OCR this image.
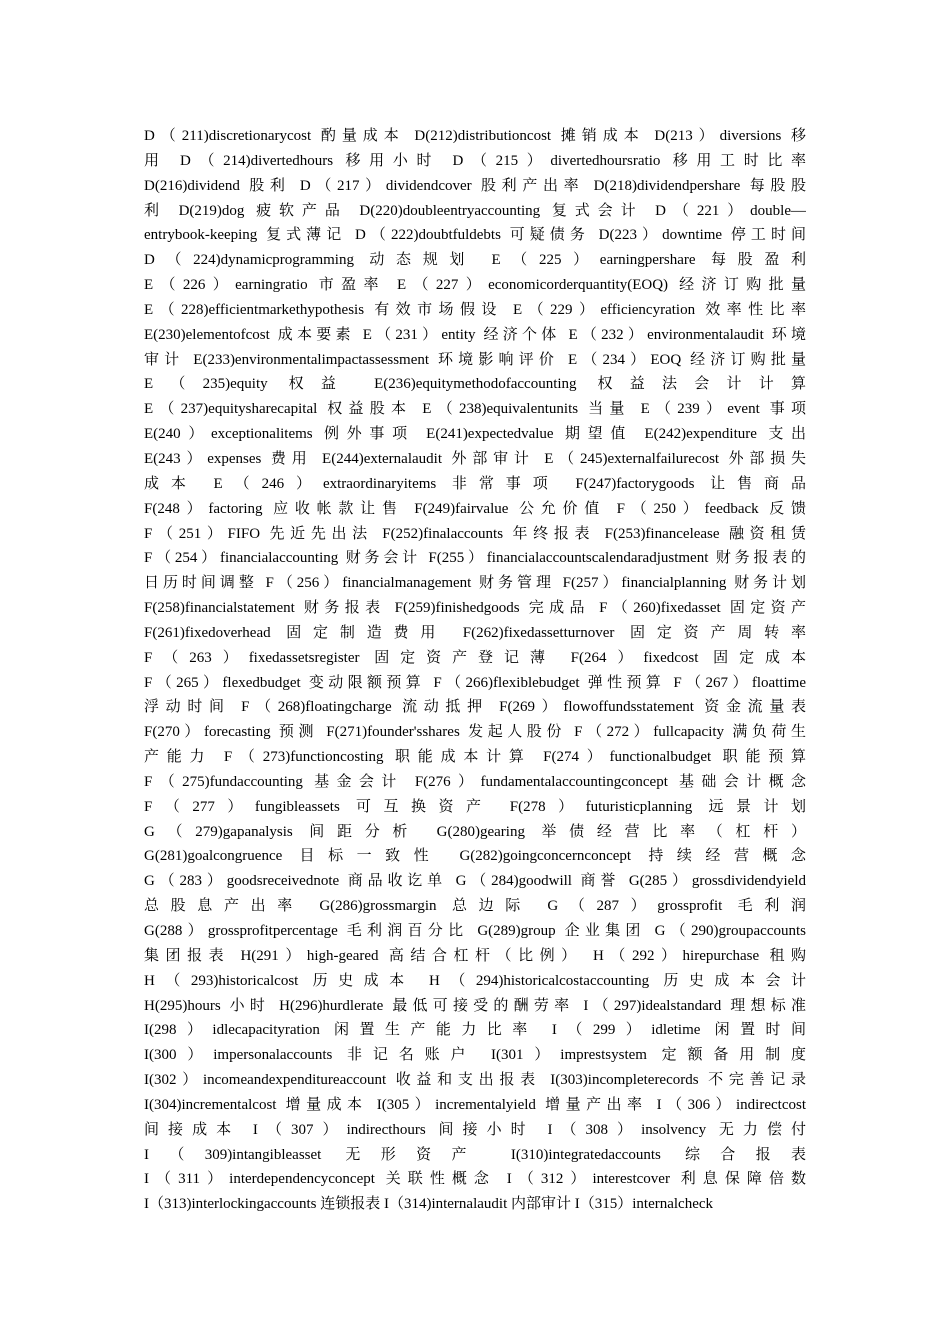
D（211)discretionarycost 酌量成本 D(212)distributioncost 摊销成本 D(213）diversions 移
用 D（214)divertedhours 移用小时 D（215）divertedhoursratio 移用工时比率
D(216)dividend 股利 D（217）dividendcover 股利产出率 D(218)dividendpershare 每股股
利 D(219)dog 疲软产品 D(220)doubleentryaccounting 复式会计 D（221）double—
entrybook-keeping 复式薄记 D（222)doubtfuldebts 可疑债务 D(223）downtime 停工时间
D（224)dynamicprogramming 动态规划 E（225）earningpershare 每股盈利
E（226）earningratio 市盈率 E（227）economicorderquantity(EOQ) 经济订购批量
E（228)efficientmarkethypothesis 有效市场假设 E（229）efficiencyration 效率性比率
E(230)elementofcost 成本要素 E（231）entity 经济个体 E（232）environmentalaudit 环境
审计 E(233)environmentalimpactassessment 环境影响评价 E（234）EOQ 经济订购批量
E（235)equity 权益 E(236)equitymethodofaccounting 权益法会计计算
E（237)equitysharecapital 权益股本 E（238)equivalentunits 当量 E（239）event 事项
E(240）exceptionalitems 例外事项 E(241)expectedvalue 期望值 E(242)expenditure 支出
E(243）expenses 费用 E(244)externalaudit 外部审计 E（245)externalfailurecost 外部损失
成本 E（246）extraordinaryitems 非常事项 F(247)factorygoods 让售商品
F(248）factoring 应收帐款让售 F(249)fairvalue 公允价值 F（250）feedback 反馈
F（251）FIFO 先近先出法 F(252)finalaccounts 年终报表 F(253)financelease 融资租赁
F（254）financialaccounting 财务会计 F(255）financialaccountscalendaradjustment 财务报表的
日历时间调整 F（256）financialmanagement 财务管理 F(257）financialplanning 财务计划
F(258)financialstatement 财务报表 F(259)finishedgoods 完成品 F（260)fixedasset 固定资产
F(261)fixedoverhead 固定制造费用 F(262)fixedassetturnover 固定资产周转率
F（263）fixedassetsregister 固定资产登记薄 F(264）fixedcost 固定成本
F（265）flexedbudget 变动限额预算 F（266)flexiblebudget 弹性预算 F（267）floattime
浮动时间 F（268)floatingcharge 流动抵押 F(269）flowoffundsstatement 资金流量表
F(270）forecasting 预测 F(271)founder'sshares 发起人股份 F（272）fullcapacity 满负荷生
产能力 F（273)functioncosting 职能成本计算 F(274）functionalbudget 职能预算
F（275)fundaccounting 基金会计 F(276）fundamentalaccountingconcept 基础会计概念
F（277）fungibleassets 可互换资产 F(278）futuristicplanning 远景计划
G（279)gapanalysis 间距分析 G(280)gearing 举债经营比率（杠杆）
G(281)goalcongruence 目标一致性 G(282)goingconcernconcept 持续经营概念
G（283）goodsreceivednote 商品收讫单 G（284)goodwill 商誉 G(285）grossdividendyield
总股息产出率 G(286)grossmargin 总边际 G（287）grossprofit 毛利润
G(288）grossprofitpercentage 毛利润百分比 G(289)group 企业集团 G（290)groupaccounts
集团报表 H(291）high-geared 高结合杠杆（比例） H（292）hirepurchase 租购
H（293)historicalcost 历史成本 H（294)historicalcostaccounting 历史成本会计
H(295)hours 小时 H(296)hurdlerate 最低可接受的酬劳率 I（297)idealstandard 理想标准
I(298）idlecapacityration 闲置生产能力比率 I（299）idletime 闲置时间
I(300）impersonalaccounts 非记名账户 I(301）imprestsystem 定额备用制度
I(302）incomeandexpenditureaccount 收益和支出报表 I(303)incompleterecords 不完善记录
I(304)incrementalcost 增量成本 I(305）incrementalyield 增量产出率 I（306）indirectcost
间接成本 I（307）indirecthours 间接小时 I（308）insolvency 无力偿付
I（309)intangibleasset 无形资产 I(310)integratedaccounts 综合报表
I（311）interdependencyconcept 关联性概念 I（312）interestcover 利息保障倍数
I（313)interlockingaccounts 连锁报表 I（314)internalaudit 内部审计 I（315）internalcheck
